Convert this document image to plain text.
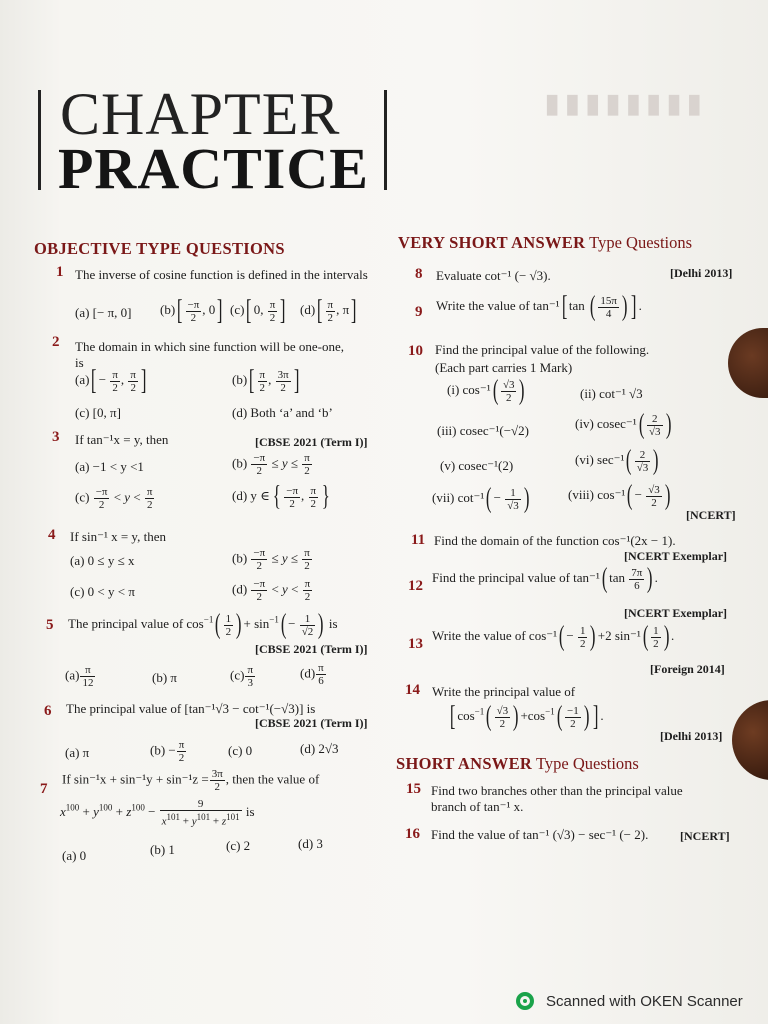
CHAPTER
PRACTICE
▮▮▮▮▮▮▮▮
OBJECTIVE TYPE QUESTIONS	VERY SHORT ANSWER Type Questions
SHORT ANSWER Type Questions
1 The inverse of cosine function is defined in the intervals
(a) [− π, 0] $(b)[ \frac{-\pi}{2}$ , 0] (c)[ 0, $\frac{\pi}{2}$ ] $(d)[ \frac{\pi}{2}$ , π]
2 The domain in which sine function will be one-one, is
$(a)[ - \frac{\pi}{2}$ , $\frac{\pi}{2}$ ]	$(b)[ \frac{\pi}{2}$ , $\frac{3\pi}{2}$ ]
(c) [0, π]	(d) Both ‘a’ and ‘b’
3 If tan⁻¹x = y, then	[CBSE 2021 (Term I)]
(a) −1 < y <1	$(b) \frac{-\pi}{2} \le y \le \frac{\pi}{2}$
$(c) \frac{-\pi}{2} < y < \frac{\pi}{2}$	(d) y ∈{ $\frac{-\pi}{2}$ , $\frac{\pi}{2}$ }
4 If sin⁻¹ x = y, then
(a) 0 ≤ y ≤ x	$(b) \frac{-\pi}{2} \le y \le \frac{\pi}{2}$
(c) 0 < y < π	$(d) \frac{-\pi}{2} < y < \frac{\pi}{2}$
5 The principal value of $\cos^{-1}( \frac{1}{2}$ ) + $\sin^{-1}( - \frac{1}{√2}$ ) is
[CBSE 2021 (Term I)]
$(a) \frac{\pi}{12}$	(b) π	$(c) \frac{\pi}{3}$	$(d) \frac{\pi}{6}$
6 The principal value of [tan⁻¹√3 − cot⁻¹(−√3)] is
[CBSE 2021 (Term I)]
(a) π	$(b) - \frac{\pi}{2}$	(c) 0	(d) 2√3
7
If $\sin^{-1}x + \sin^{-1}y + \sin^{-1}z = \frac{3\pi}{2}$ , then the value of
$x^{100} + y^{100} + z^{100} - \frac{9}{x^{101} + y^{101} + z^{101}}$ is
(a) 0	(b) 1	(c) 2	(d) 3
8 Evaluate cot⁻¹ (− √3).	[Delhi 2013]
9 Write the value of tan⁻¹[ tan ( $\frac{15\pi}{4}$ ) ] .
10 Find the principal value of the following.
(Each part carries 1 Mark)
(i) $\cos^{-1}( \frac{√3}{2}$ )	(ii) cot⁻¹ √3
(iii) cosec⁻¹(−√2)	(iv) $cosec^{-1}( \frac{2}{√3}$ )
(v) cosec⁻¹(2)	(vi) $\sec^{-1}( \frac{2}{√3}$ )
(vii) $\cot^{-1}( - \frac{1}{√3}$ )	(viii) $\cos^{-1}( - \frac{√3}{2}$ )
[NCERT]
11 Find the domain of the function cos⁻¹(2x − 1).
[NCERT Exemplar]
12
Find the principal value of tan⁻¹( $\tan \frac{7\pi}{6}$ ) .
[NCERT Exemplar]
13
Write the value of $\cos^{-1}( - \frac{1}{2}$ ) +2 $\sin^{-1}( \frac{1}{2}$ ) .
[Foreign 2014]
14 Write the principal value of
[ $\cos^{-1}( \frac{√3}{2}$ ) $+\cos^{-1}( \frac{-1}{2}$ ) ] .
[Delhi 2013]
15 Find two branches other than the principal value branch of tan⁻¹ x.
16 Find the value of tan⁻¹ (√3) − sec⁻¹ (− 2).	[NCERT]
Scanned with OKEN Scanner
